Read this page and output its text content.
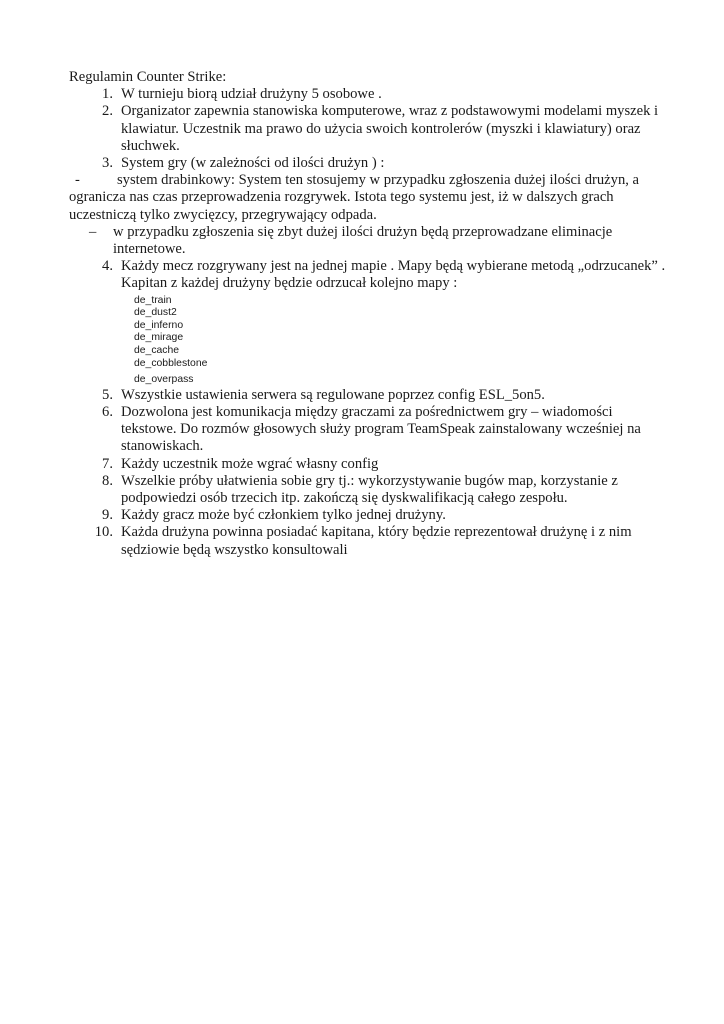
Regulamin Counter Strike:
1. W turnieju biorą udział drużyny 5 osobowe .
2. Organizator zapewnia stanowiska komputerowe, wraz z podstawowymi modelami myszek i klawiatur. Uczestnik ma prawo do użycia swoich kontrolerów (myszki i klawiatury) oraz słuchwek.
3. System gry (w zależności od ilości drużyn ) :
-	system drabinkowy: System ten stosujemy w przypadku zgłoszenia dużej ilości drużyn, a ogranicza nas czas przeprowadzenia rozgrywek. Istota tego systemu jest, iż w dalszych grach uczestniczą tylko zwycięzcy, przegrywający odpada.
–	w przypadku zgłoszenia się zbyt dużej ilości drużyn będą przeprowadzane eliminacje internetowe.
4. Każdy mecz rozgrywany jest na jednej mapie . Mapy będą wybierane metodą „odrzucanek” . Kapitan z każdej drużyny będzie odrzucał kolejno mapy :
de_train
de_dust2
de_inferno
de_mirage
de_cache
de_cobblestone
de_overpass
5. Wszystkie ustawienia serwera są regulowane poprzez config ESL_5on5.
6. Dozwolona jest komunikacja między graczami za pośrednictwem gry – wiadomości tekstowe. Do rozmów głosowych służy program TeamSpeak zainstalowany wcześniej na stanowiskach.
7. Każdy uczestnik może wgrać własny config
8. Wszelkie próby ułatwienia sobie gry tj.: wykorzystywanie bugów map, korzystanie z podpowiedzi osób trzecich itp. zakończą się dyskwalifikacją całego zespołu.
9. Każdy gracz może być członkiem tylko jednej drużyny.
10. Każda drużyna powinna posiadać kapitana, który będzie reprezentował drużynę i z nim sędziowie będą wszystko konsultowali
